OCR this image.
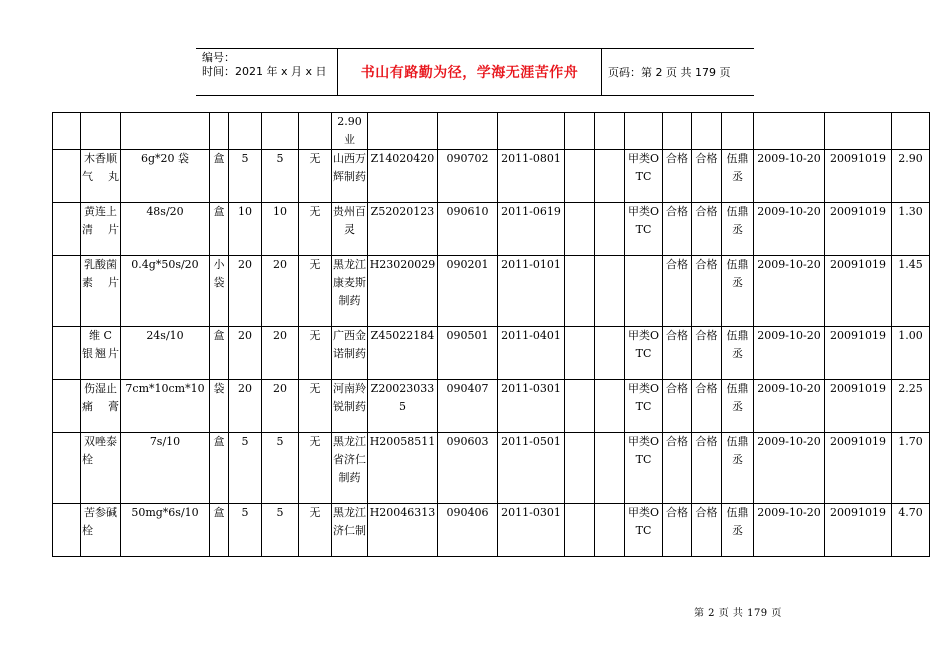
编号：
时间：2021 年 x 月 x 日	书山有路勤为径，学海无涯苦作舟	页码：第 2 页 共 179 页
							2.90 业												
	木香顺气丸	6g*20 袋	盒	5	5	无	山西万辉制药	Z14020420	090702	2011-0801			甲类OTC	合格	合格	伍鼎丞	2009-10-20	20091019	2.90
	黄连上清片	48s/20	盒	10	10	无	贵州百灵	Z52020123	090610	2011-0619			甲类OTC	合格	合格	伍鼎丞	2009-10-20	20091019	1.30
	乳酸菌素片	0.4g*50s/20	小袋	20	20	无	黑龙江康麦斯制药	H23020029	090201	2011-0101				合格	合格	伍鼎丞	2009-10-20	20091019	1.45
	维 C 银翘片	24s/10	盒	20	20	无	广西金诺制药	Z45022184	090501	2011-0401			甲类OTC	合格	合格	伍鼎丞	2009-10-20	20091019	1.00
	伤湿止痛膏	7cm*10cm*10	袋	20	20	无	河南羚锐制药	Z20023033 5	090407	2011-0301			甲类OTC	合格	合格	伍鼎丞	2009-10-20	20091019	2.25
	双唑泰栓	7s/10	盒	5	5	无	黑龙江省济仁制药	H20058511	090603	2011-0501			甲类OTC	合格	合格	伍鼎丞	2009-10-20	20091019	1.70
	苦参碱栓	50mg*6s/10	盒	5	5	无	黑龙江济仁制	H20046313	090406	2011-0301			甲类OTC	合格	合格	伍鼎丞	2009-10-20	20091019	4.70
第 2 页 共 179 页
